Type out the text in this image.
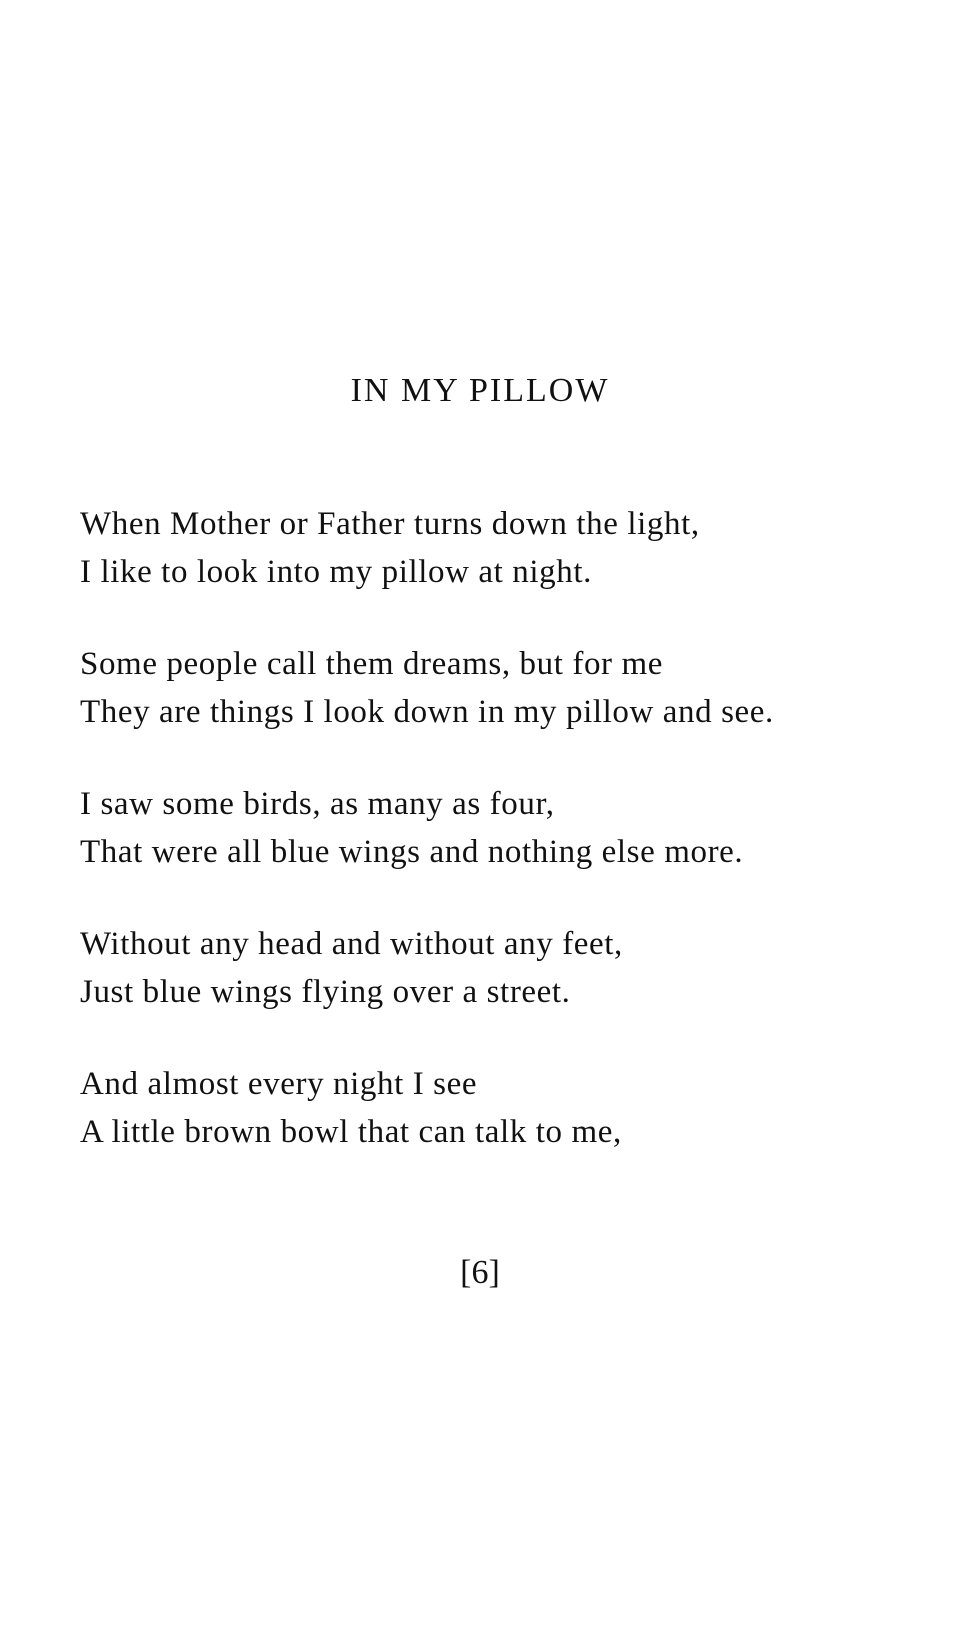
IN MY PILLOW
When Mother or Father turns down the light,
I like to look into my pillow at night.
Some people call them dreams, but for me
They are things I look down in my pillow and see.
I saw some birds, as many as four,
That were all blue wings and nothing else more.
Without any head and without any feet,
Just blue wings flying over a street.
And almost every night I see
A little brown bowl that can talk to me,

[6]
